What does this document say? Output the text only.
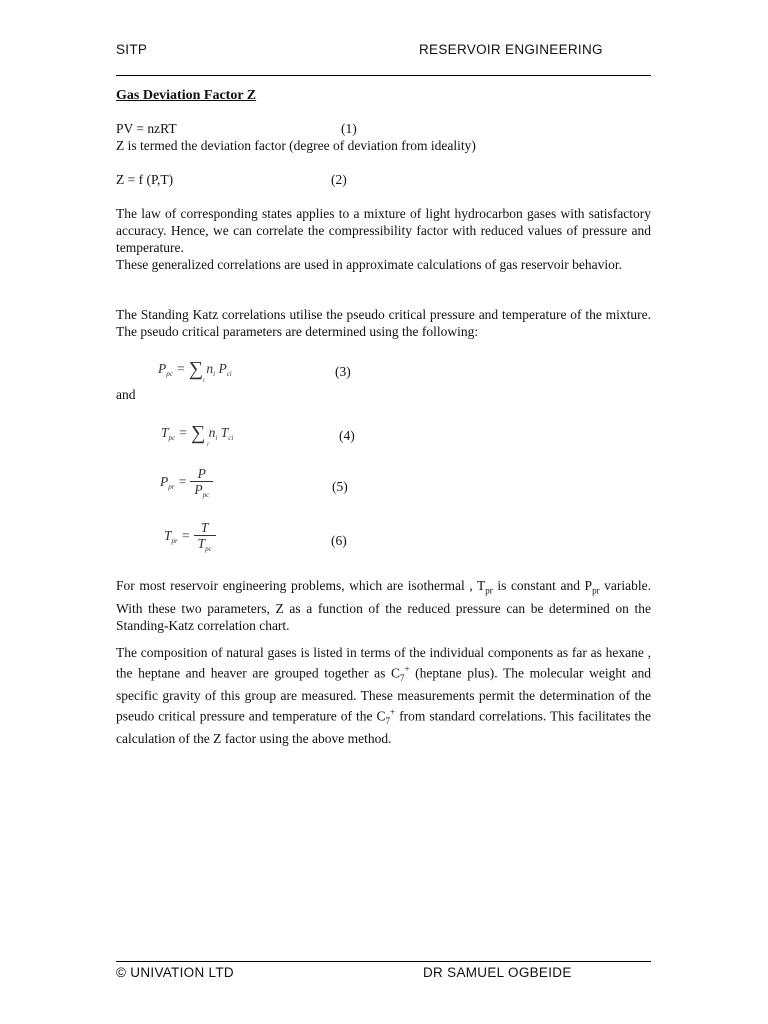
SITP	RESERVOIR ENGINEERING
Gas Deviation Factor Z
PV = nzRT	(1)
Z is termed the deviation factor (degree of deviation from ideality)
Z = f (P,T)	(2)

The law of corresponding states applies to a mixture of light hydrocarbon gases with satisfactory accuracy. Hence, we can correlate the compressibility factor with reduced values of pressure and temperature.

These generalized correlations are used in approximate calculations of gas reservoir behavior.

The Standing Katz correlations utilise the pseudo critical pressure and temperature of the mixture. The pseudo critical parameters are determined using the following:

$P_{pc}$ = ∑ $n_i$ $P_{ci}$
i
(3)
and
$T_{pc}$ = ∑ $n_i$ $T_{ci}$
i
(4)
$P_{pr} = \frac{P}{P_{pc}}$	(5)
$T_{pr} = \frac{T}{T_{pc}}$	(6)

For most reservoir engineering problems, which are isothermal , $T_{pr}$ is constant and $P_{pr}$ variable. With these two parameters, Z as a function of the reduced pressure can be determined on the Standing-Katz correlation chart.

The composition of natural gases is listed in terms of the individual components as far as hexane , the heptane and heaver are grouped together as $C_7^+$ (heptane plus). The molecular weight and specific gravity of this group are measured. These measurements permit the determination of the pseudo critical pressure and temperature of the $C_7^+$ from standard correlations. This facilitates the calculation of the Z factor using the above method.

© UNIVATION LTD	DR SAMUEL OGBEIDE
